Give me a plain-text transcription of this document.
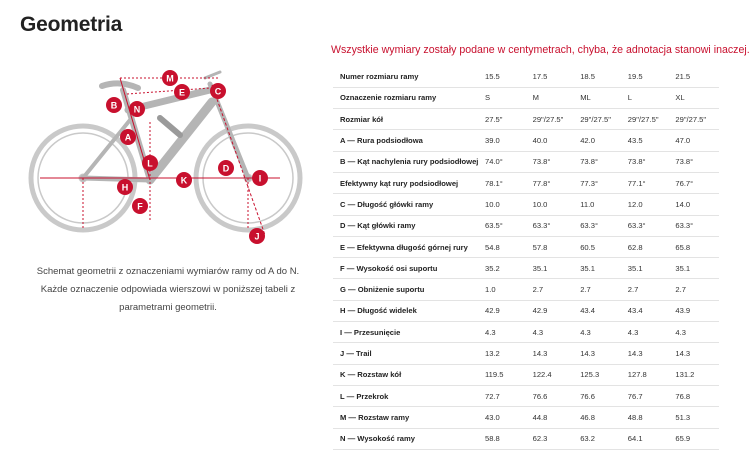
Geometria
M
E	C
B N
A
L	D
K
H
I
F
J
Schemat geometrii z oznaczeniami wymiarów ramy od A do N. Każde oznaczenie odpowiada wierszowi w poniższej tabeli z parametrami geometrii.
Wszystkie wymiary zostały podane w centymetrach, chyba, że adnotacja stanowi inaczej.
Numer rozmiaru ramy	15.5	17.5	18.5	19.5	21.5
Oznaczenie rozmiaru ramy	S	M	ML	L	XL
Rozmiar kół	27.5"	29"/27.5"	29"/27.5"	29"/27.5"	29"/27.5"
A — Rura podsiodłowa	39.0	40.0	42.0	43.5	47.0
B — Kąt nachylenia rury podsiodłowej	74.0°	73.8°	73.8°	73.8°	73.8°
Efektywny kąt rury podsiodłowej	78.1°	77.8°	77.3°	77.1°	76.7°
C — Długość główki ramy	10.0	10.0	11.0	12.0	14.0
D — Kąt główki ramy	63.5°	63.3°	63.3°	63.3°	63.3°
E — Efektywna długość górnej rury	54.8	57.8	60.5	62.8	65.8
F — Wysokość osi suportu	35.2	35.1	35.1	35.1	35.1
G — Obniżenie suportu	1.0	2.7	2.7	2.7	2.7
H — Długość widelek	42.9	42.9	43.4	43.4	43.9
I — Przesunięcie	4.3	4.3	4.3	4.3	4.3
J — Trail	13.2	14.3	14.3	14.3	14.3
K — Rozstaw kół	119.5	122.4	125.3	127.8	131.2
L — Przekrok	72.7	76.6	76.6	76.7	76.8
M — Rozstaw ramy	43.0	44.8	46.8	48.8	51.3
N — Wysokość ramy	58.8	62.3	63.2	64.1	65.9
